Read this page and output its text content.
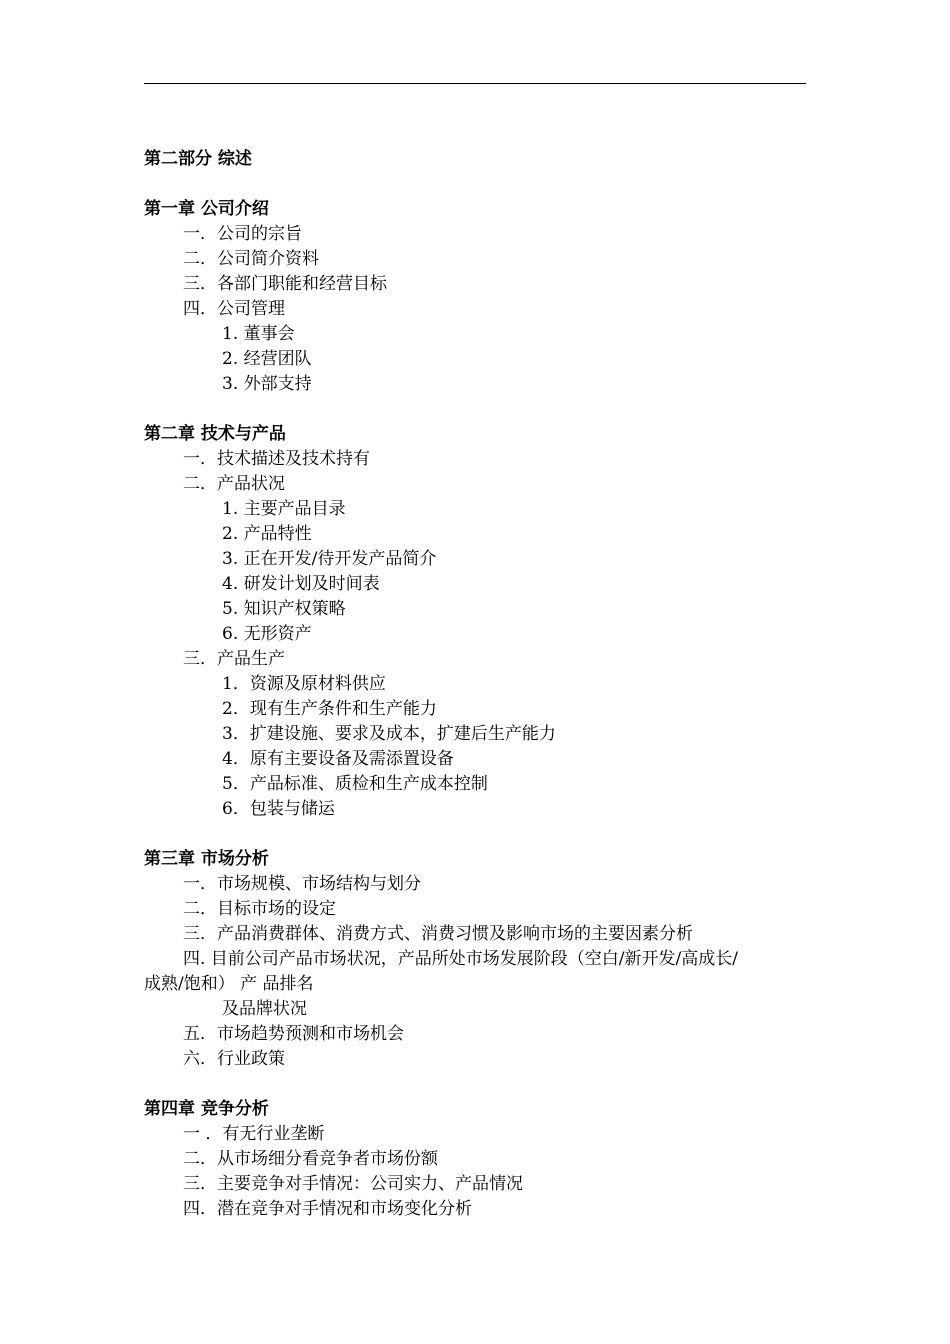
第二部分 综述
第一章 公司介绍
一．公司的宗旨
二．公司简介资料
三．各部门职能和经营目标
四．公司管理
1. 董事会
2. 经营团队
3. 外部支持
第二章 技术与产品
一．技术描述及技术持有
二．产品状况
1. 主要产品目录
2. 产品特性
3. 正在开发/待开发产品简介
4. 研发计划及时间表
5. 知识产权策略
6. 无形资产
三．产品生产
1．资源及原材料供应
2．现有生产条件和生产能力
3．扩建设施、要求及成本，扩建后生产能力
4．原有主要设备及需添置设备
5．产品标准、质检和生产成本控制
6．包装与储运
第三章 市场分析
一．市场规模、市场结构与划分
二．目标市场的设定
三．产品消费群体、消费方式、消费习惯及影响市场的主要因素分析
四. 目前公司产品市场状况，产品所处市场发展阶段（空白/新开发/高成长/
成熟/饱和） 产 品排名
及品牌状况
五．市场趋势预测和市场机会
六．行业政策
第四章 竞争分析
一 ．有无行业垄断
二．从市场细分看竞争者市场份额
三．主要竞争对手情况：公司实力、产品情况
四．潜在竞争对手情况和市场变化分析
